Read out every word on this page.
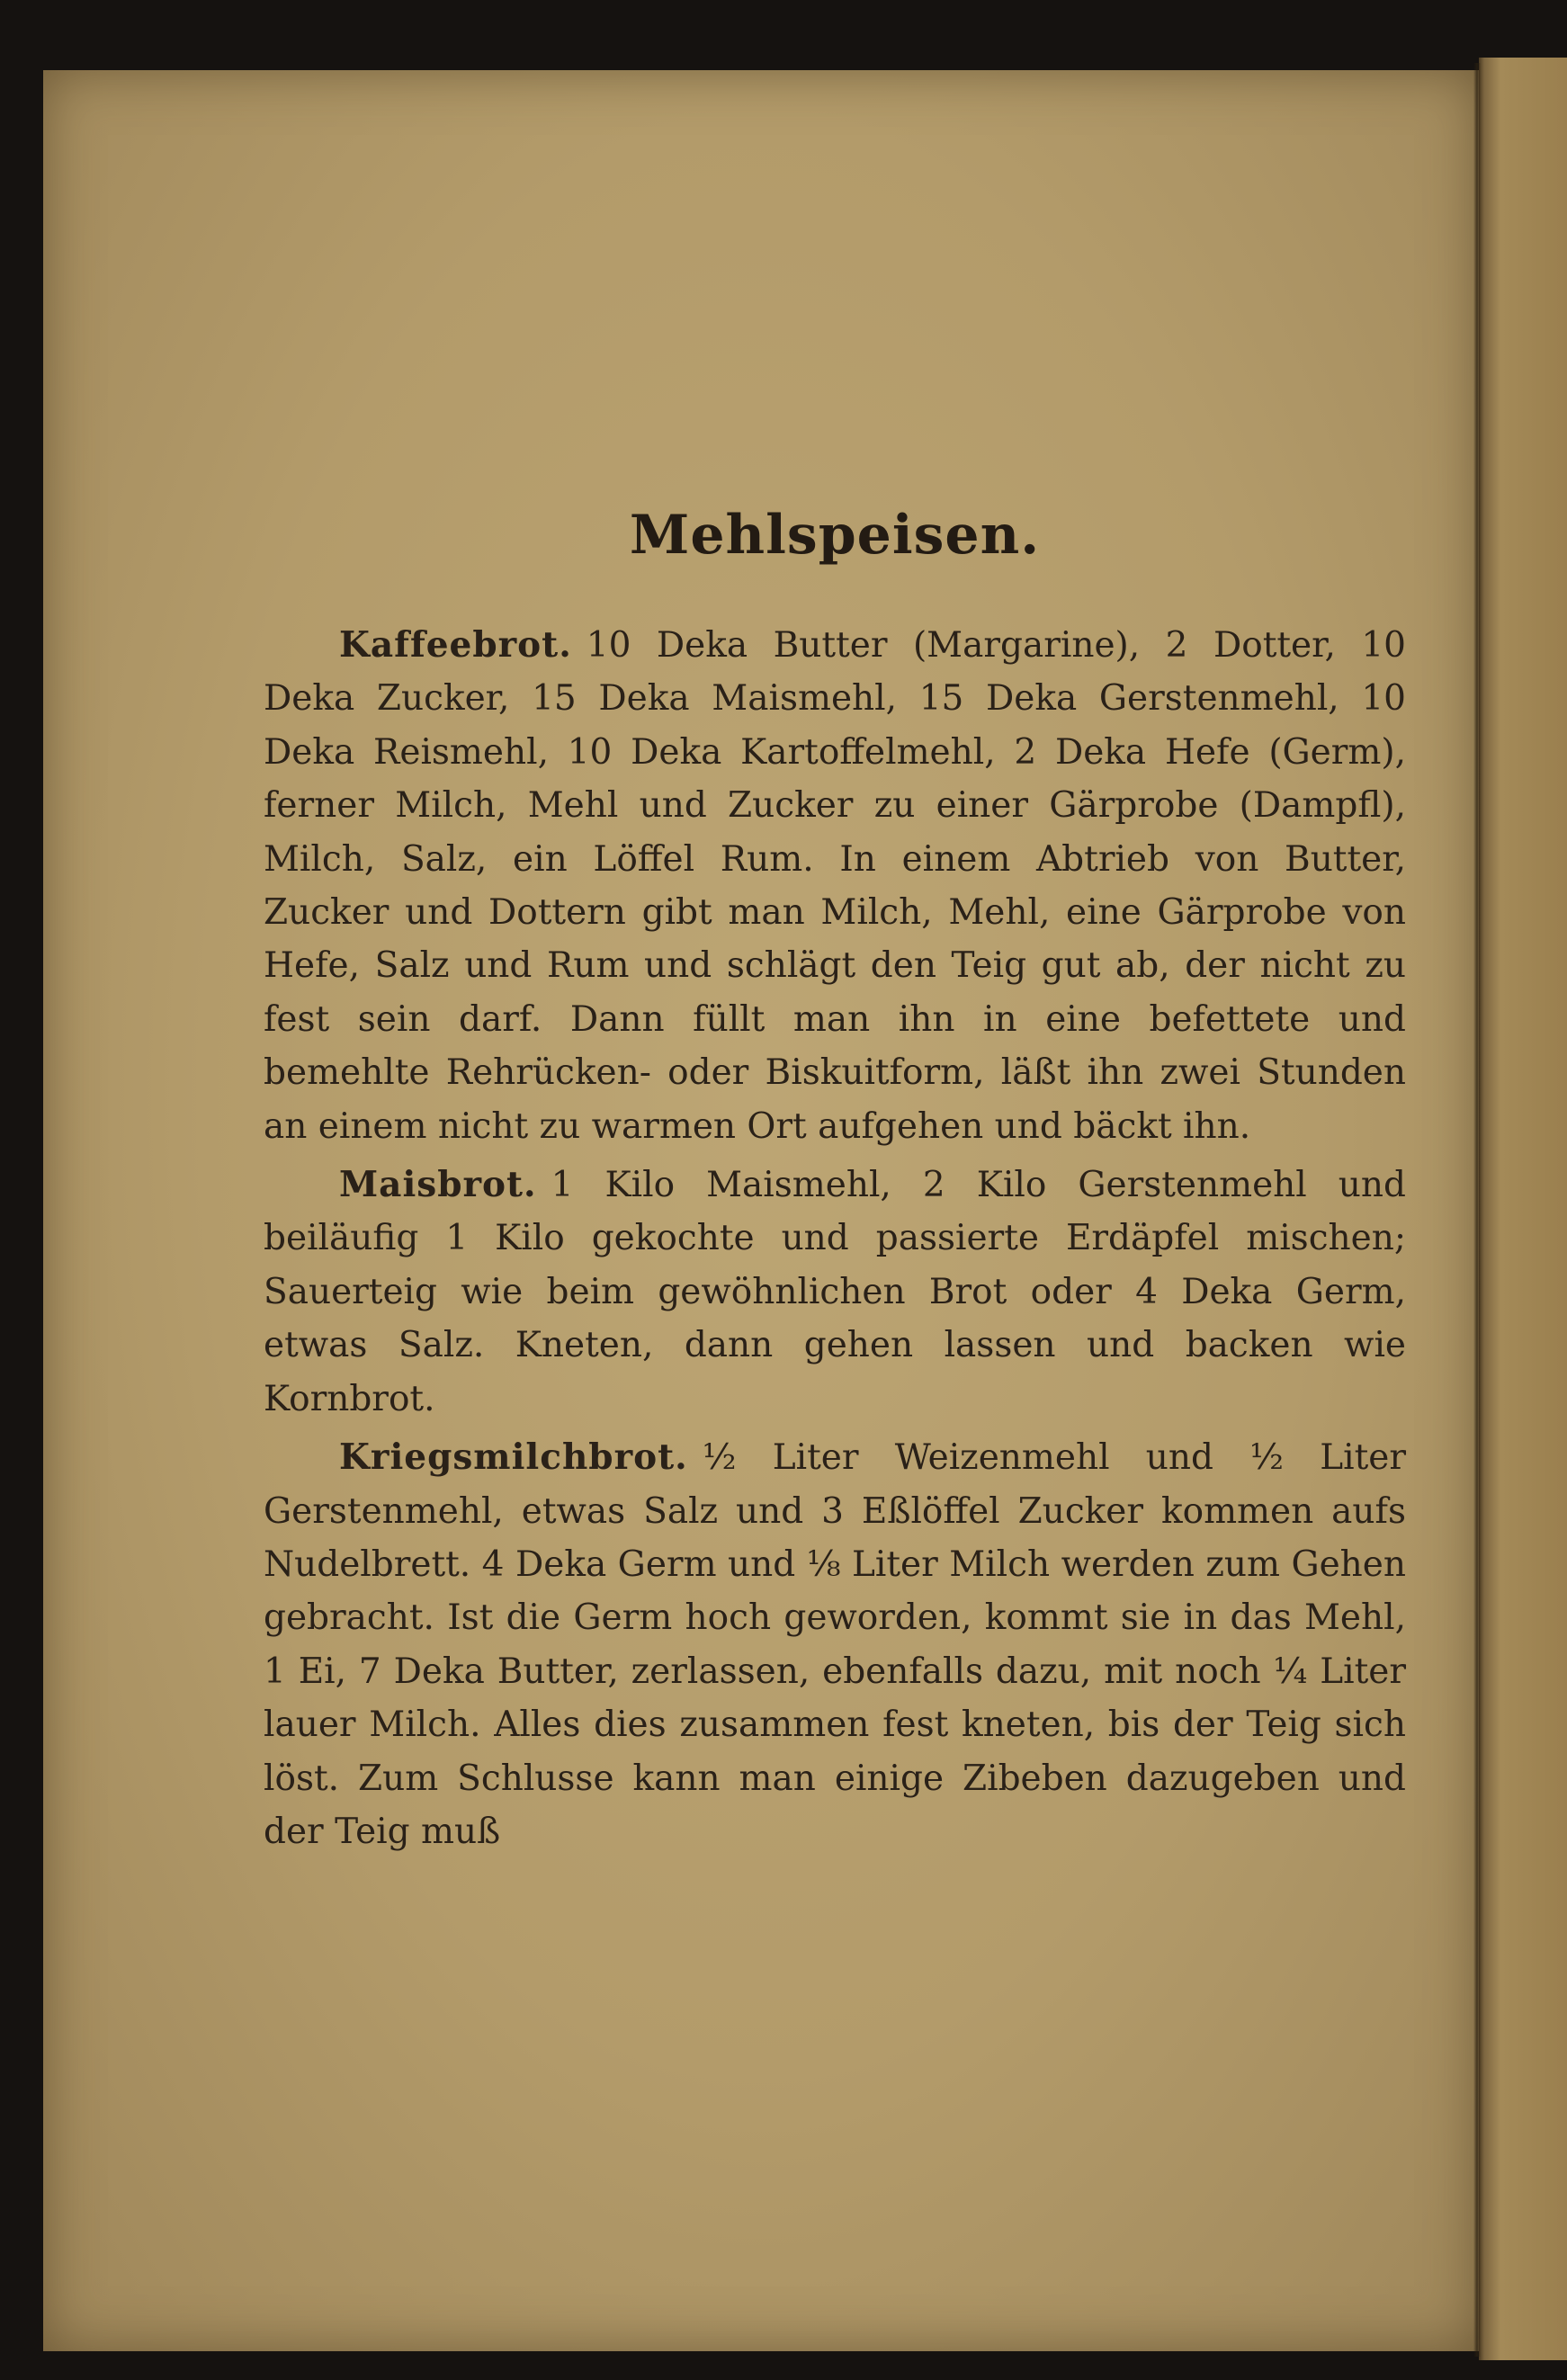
Mehlspeisen.

Kaffeebrot. 10 Deka Butter (Margarine), 2 Dotter, 10 Deka Zucker, 15 Deka Maismehl, 15 Deka Gerstenmehl, 10 Deka Reismehl, 10 Deka Kartoffelmehl, 2 Deka Hefe (Germ), ferner Milch, Mehl und Zucker zu einer Gärprobe (Dampfl), Milch, Salz, ein Löffel Rum. In einem Abtrieb von Butter, Zucker und Dottern gibt man Milch, Mehl, eine Gärprobe von Hefe, Salz und Rum und schlägt den Teig gut ab, der nicht zu fest sein darf. Dann füllt man ihn in eine befettete und bemehlte Rehrücken- oder Biskuitform, läßt ihn zwei Stunden an einem nicht zu warmen Ort aufgehen und bäckt ihn.

Maisbrot. 1 Kilo Maismehl, 2 Kilo Gerstenmehl und beiläufig 1 Kilo gekochte und passierte Erdäpfel mischen; Sauerteig wie beim gewöhnlichen Brot oder 4 Deka Germ, etwas Salz. Kneten, dann gehen lassen und backen wie Kornbrot.

Kriegsmilchbrot. ½ Liter Weizenmehl und ½ Liter Gerstenmehl, etwas Salz und 3 Eßlöffel Zucker kommen aufs Nudelbrett. 4 Deka Germ und ⅛ Liter Milch werden zum Gehen gebracht. Ist die Germ hoch geworden, kommt sie in das Mehl, 1 Ei, 7 Deka Butter, zerlassen, ebenfalls dazu, mit noch ¼ Liter lauer Milch. Alles dies zusammen fest kneten, bis der Teig sich löst. Zum Schlusse kann man einige Zibeben dazugeben und der Teig muß
